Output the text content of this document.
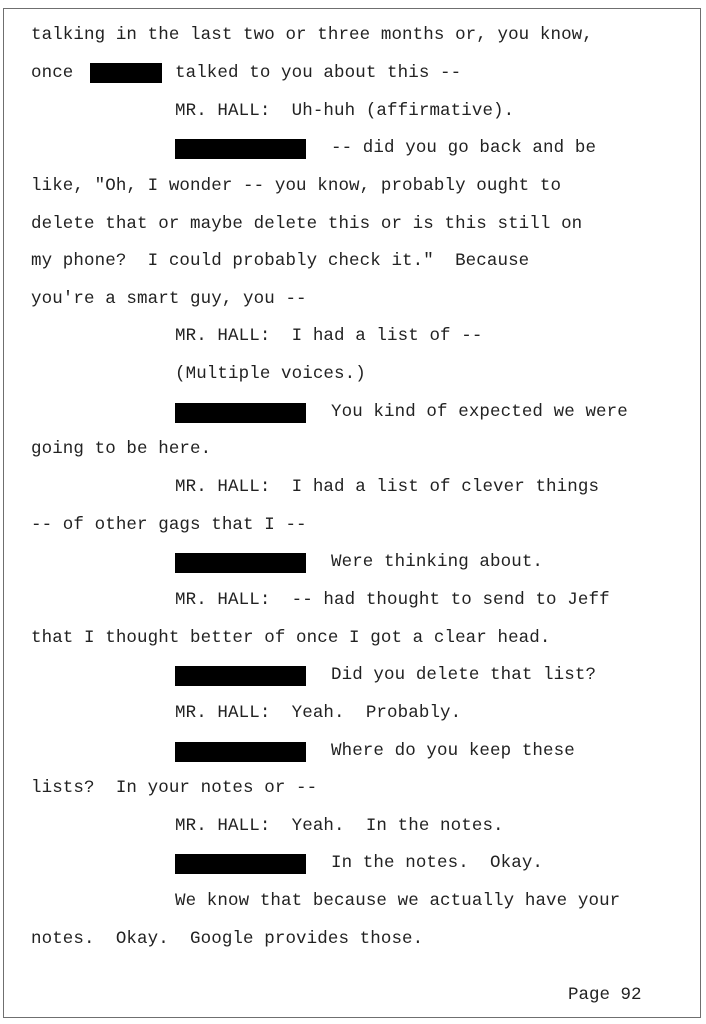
talking in the last two or three months or, you know,
once	talked to you about this --
MR. HALL:  Uh-huh (affirmative).
-- did you go back and be
like, "Oh, I wonder -- you know, probably ought to
delete that or maybe delete this or is this still on
my phone?  I could probably check it."  Because
you're a smart guy, you --
MR. HALL:  I had a list of --
(Multiple voices.)
You kind of expected we were
going to be here.
MR. HALL:  I had a list of clever things
-- of other gags that I --
Were thinking about.
MR. HALL:  -- had thought to send to Jeff
that I thought better of once I got a clear head.
Did you delete that list?
MR. HALL:  Yeah.  Probably.
Where do you keep these
lists?  In your notes or --
MR. HALL:  Yeah.  In the notes.
In the notes.  Okay.
We know that because we actually have your
notes.  Okay.  Google provides those.
Page 92
